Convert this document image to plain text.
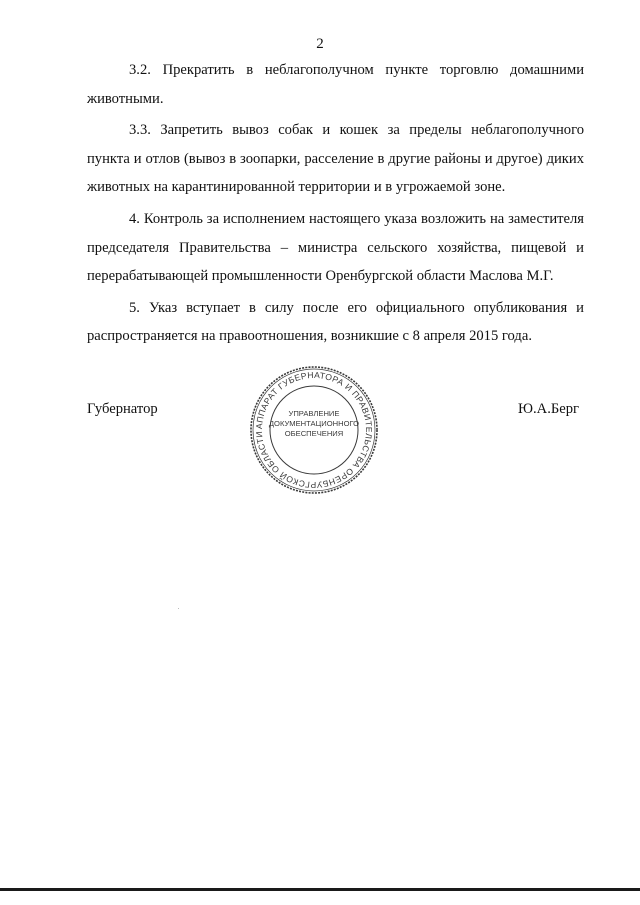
2

3.2. Прекратить в неблагополучном пункте торговлю домашними животными.

3.3. Запретить вывоз собак и кошек за пределы неблагополучного пункта и отлов (вывоз в зоопарки, расселение в другие районы и другое) диких животных на карантинированной территории и в угрожаемой зоне.

4. Контроль за исполнением настоящего указа возложить на заместителя председателя Правительства – министра сельского хозяйства, пищевой и перерабатывающей промышленности Оренбургской области Маслова М.Г.

5. Указ вступает в силу после его официального опубликования и распространяется на правоотношения, возникшие с 8 апреля 2015 года.

Губернатор
АППАРАТ ГУБЕРНАТОРА И ПРАВИТЕЛЬСТВА ОРЕНБУРГСКОЙ ОБЛАСТИ
УПРАВЛЕНИЕ
ДОКУМЕНТАЦИОННОГО
ОБЕСПЕЧЕНИЯ
Ю.А.Берг
